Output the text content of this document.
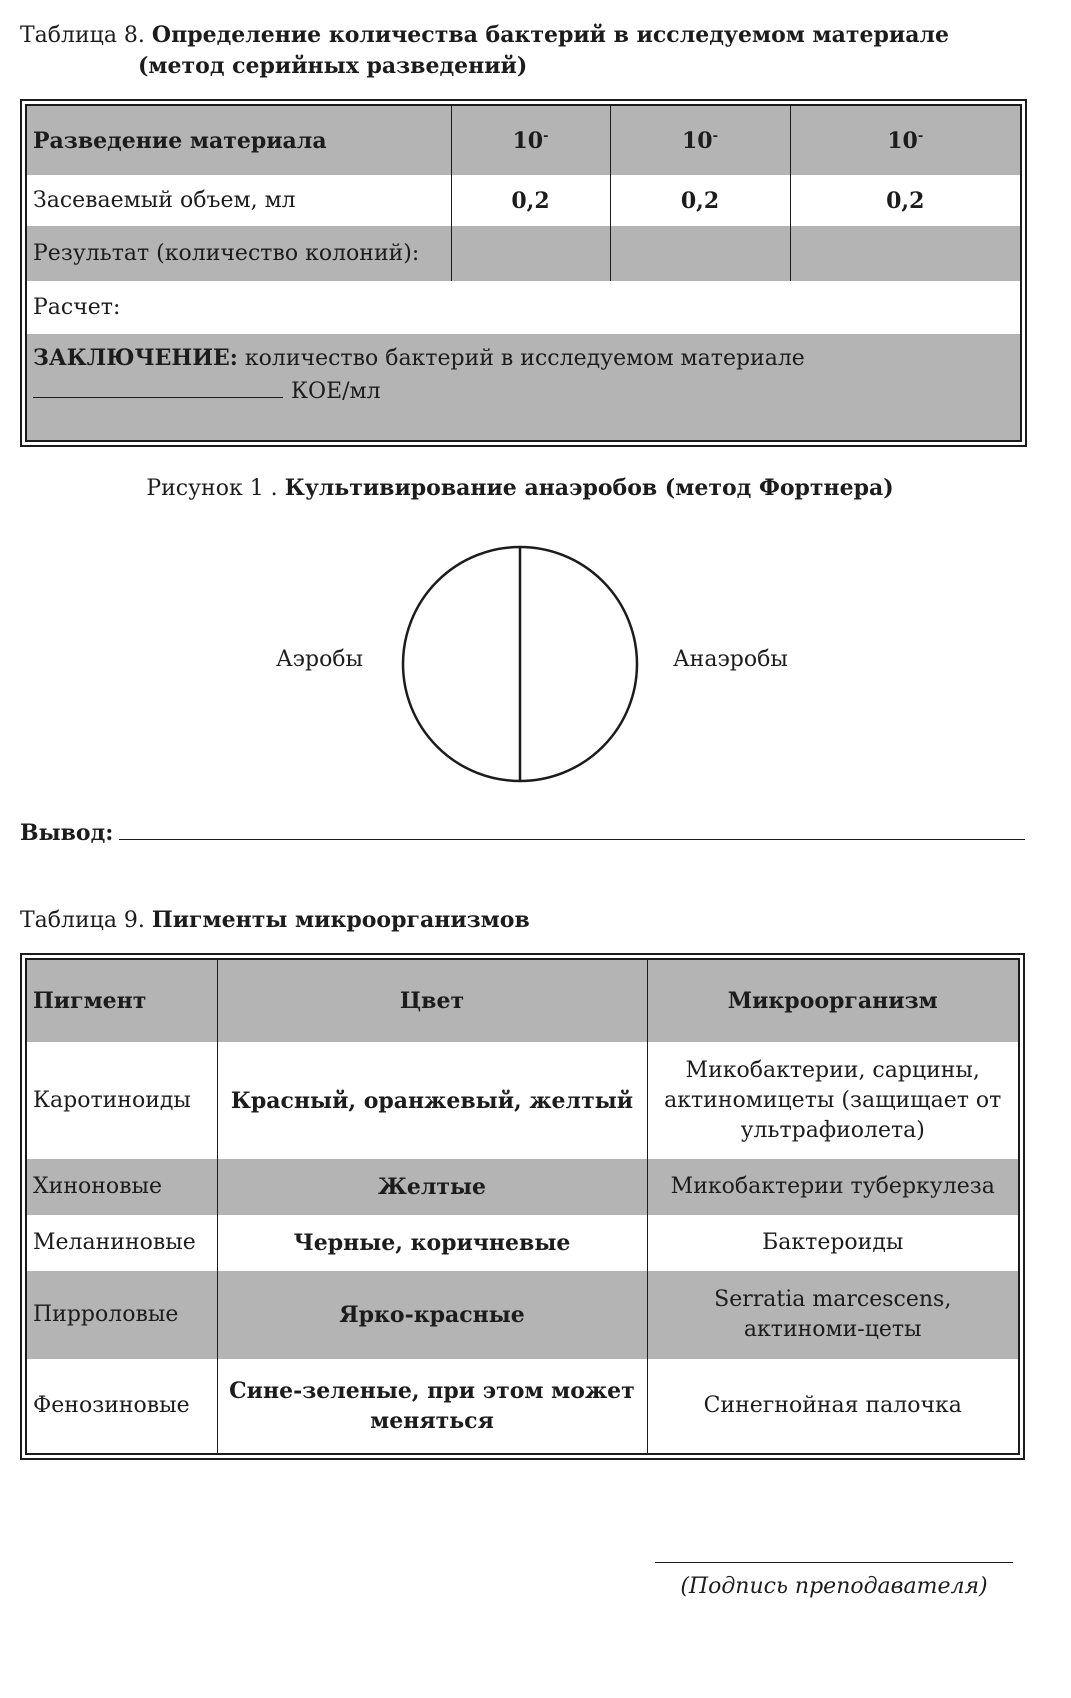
Таблица 8. Определение количества бактерий в исследуемом материале
(метод серийных разведений)
Разведение материала	10-	10-	10-
Засеваемый объем, мл	0,2	0,2	0,2
Результат (количество колоний):			
Расчет:			
ЗАКЛЮЧЕНИЕ: количество бактерий в исследуемом материале
КОЕ/мл			
Рисунок 1 . Культивирование анаэробов (метод Фортнера)
Аэробы	Анаэробы
Вывод:
Таблица 9. Пигменты микроорганизмов
Пигмент	Цвет	Микроорганизм
Каротиноиды	Красный, оранжевый, желтый	Микобактерии, сарцины, актиномицеты (защищает от ультрафиолета)
Хиноновые	Желтые	Микобактерии туберкулеза
Меланиновые	Черные, коричневые	Бактероиды
Пирроловые	Ярко-красные	Serratia marcescens, актиноми-цеты
Фенозиновые	Сине-зеленые, при этом может меняться	Синегнойная палочка
(Подпись преподавателя)
